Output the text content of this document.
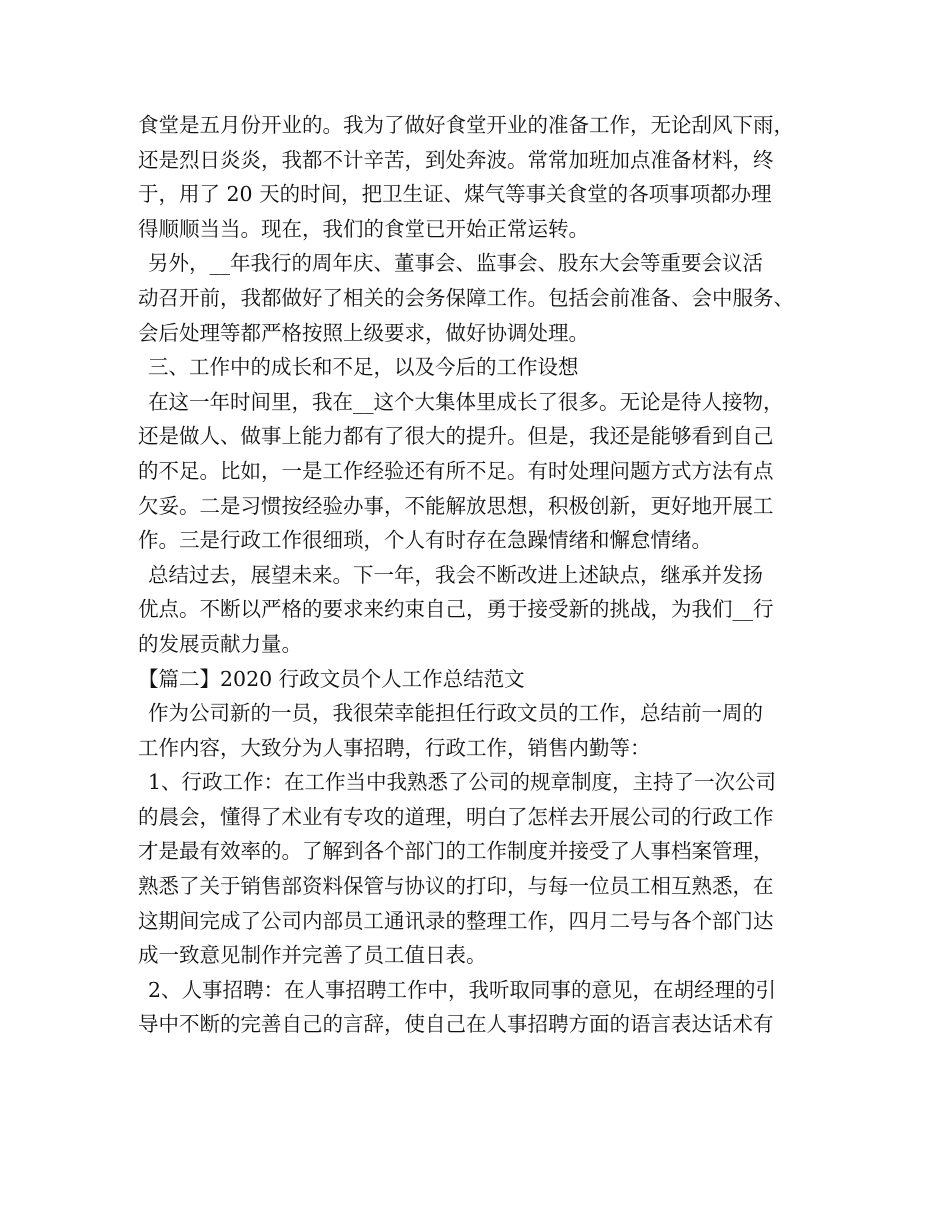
食堂是五月份开业的。我为了做好食堂开业的准备工作，无论刮风下雨，
还是烈日炎炎，我都不计辛苦，到处奔波。常常加班加点准备材料，终
于，用了 20 天的时间，把卫生证、煤气等事关食堂的各项事项都办理
得顺顺当当。现在，我们的食堂已开始正常运转。
另外，__年我行的周年庆、董事会、监事会、股东大会等重要会议活
动召开前，我都做好了相关的会务保障工作。包括会前准备、会中服务、
会后处理等都严格按照上级要求，做好协调处理。
三、工作中的成长和不足，以及今后的工作设想
在这一年时间里，我在__这个大集体里成长了很多。无论是待人接物，
还是做人、做事上能力都有了很大的提升。但是，我还是能够看到自己
的不足。比如，一是工作经验还有所不足。有时处理问题方式方法有点
欠妥。二是习惯按经验办事，不能解放思想，积极创新，更好地开展工
作。三是行政工作很细琐，个人有时存在急躁情绪和懈怠情绪。
总结过去，展望未来。下一年，我会不断改进上述缺点，继承并发扬
优点。不断以严格的要求来约束自己，勇于接受新的挑战，为我们__行
的发展贡献力量。
【篇二】2020 行政文员个人工作总结范文
作为公司新的一员，我很荣幸能担任行政文员的工作，总结前一周的
工作内容，大致分为人事招聘，行政工作，销售内勤等：
1、行政工作：在工作当中我熟悉了公司的规章制度，主持了一次公司
的晨会，懂得了术业有专攻的道理，明白了怎样去开展公司的行政工作
才是最有效率的。了解到各个部门的工作制度并接受了人事档案管理，
熟悉了关于销售部资料保管与协议的打印，与每一位员工相互熟悉，在
这期间完成了公司内部员工通讯录的整理工作，四月二号与各个部门达
成一致意见制作并完善了员工值日表。
2、人事招聘：在人事招聘工作中，我听取同事的意见，在胡经理的引
导中不断的完善自己的言辞，使自己在人事招聘方面的语言表达话术有
